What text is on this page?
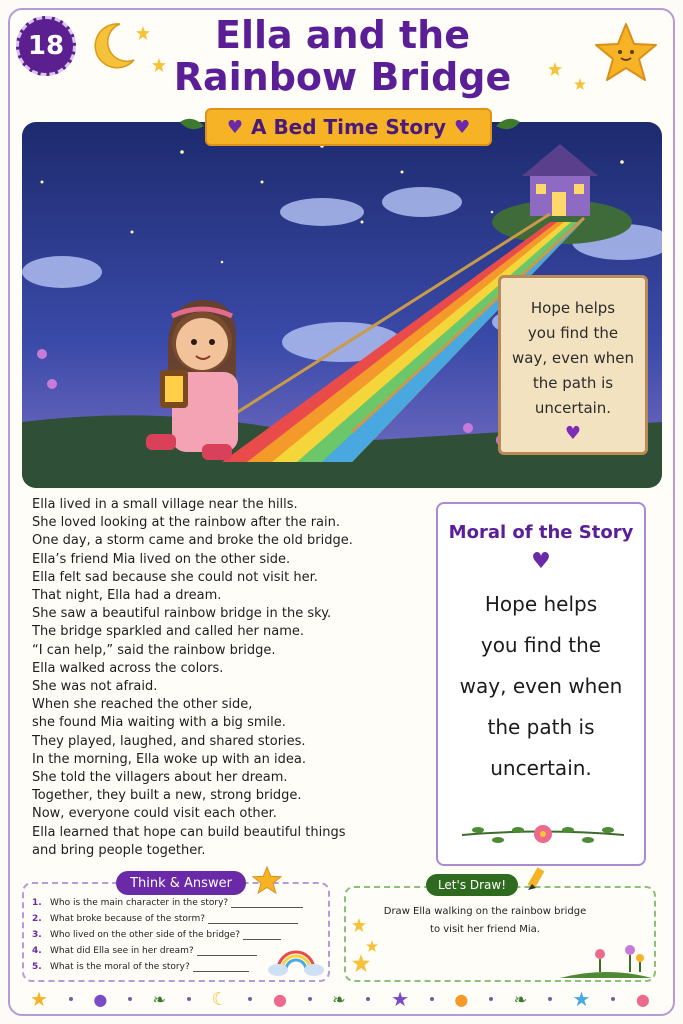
18	Ella and the
Rainbow Bridge
Hope helps
you find the
way, even when
the path is
uncertain.
♥
♥ A Bed Time Story ♥
Ella lived in a small village near the hills.
She loved looking at the rainbow after the rain.
One day, a storm came and broke the old bridge.
Ella’s friend Mia lived on the other side.
Ella felt sad because she could not visit her.
That night, Ella had a dream.
She saw a beautiful rainbow bridge in the sky.
The bridge sparkled and called her name.
“I can help,” said the rainbow bridge.
Ella walked across the colors.
She was not afraid.
When she reached the other side,
she found Mia waiting with a big smile.
They played, laughed, and shared stories.
In the morning, Ella woke up with an idea.
She told the villagers about her dream.
Together, they built a new, strong bridge.
Now, everyone could visit each other.
Ella learned that hope can build beautiful things
and bring people together.
Moral of the Story
♥
Hope helps
you find the
way, even when
the path is
uncertain.
Think & Answer
1. Who is the main character in the story?
2. What broke because of the storm?
3. Who lived on the other side of the bridge?
4. What did Ella see in her dream?
5. What is the moral of the story?
Let's Draw!
Draw Ella walking on the rainbow bridge
to visit her friend Mia.
★	●	❧	☾	●	❧ ★	●	❧ ★	●
